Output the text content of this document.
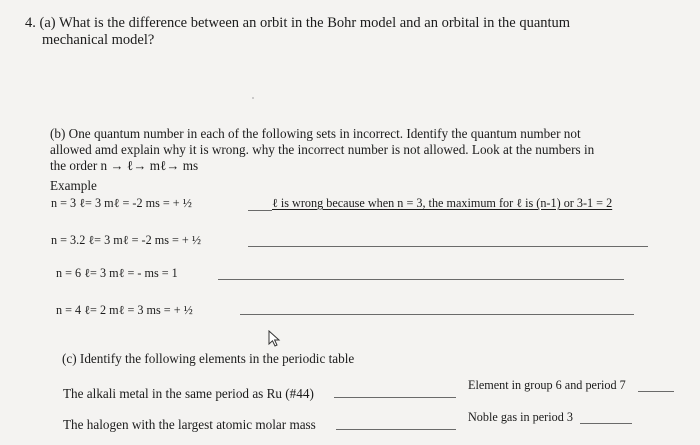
4. (a) What is the difference between an orbit in the Bohr model and an orbital in the quantum
mechanical model?
(b) One quantum number in each of the following sets in incorrect. Identify the quantum number not
allowed amd explain why it is wrong. why the incorrect number is not allowed. Look at the numbers in
the order n → ℓ→ mℓ→ ms
Example
n = 3 ℓ= 3 mℓ = -2 ms = + ½	ℓ is wrong because when n = 3, the maximum for ℓ is (n-1) or 3-1 = 2
n = 3.2 ℓ= 3 mℓ = -2 ms = + ½
n = 6 ℓ= 3 mℓ = - ms = 1
n = 4 ℓ= 2 mℓ = 3 ms = + ½
(c) Identify the following elements in the periodic table
The alkali metal in the same period as Ru (#44)
Element in group 6 and period 7
The halogen with the largest atomic molar mass	Noble gas in period 3
